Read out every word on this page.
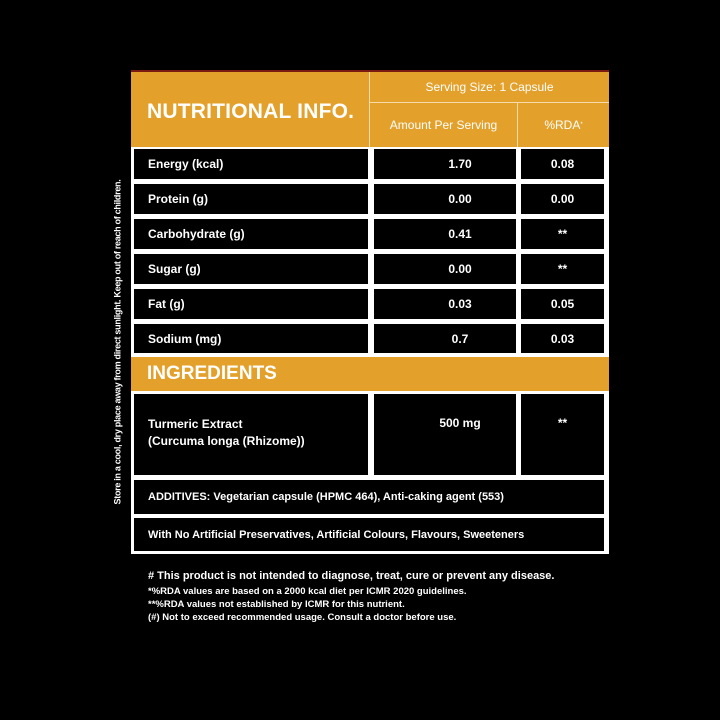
Store in a cool, dry place away from direct sunlight. Keep out of reach of children.
NUTRITIONAL INFO.
Serving Size: 1 Capsule
Amount Per Serving	%RDA *
Energy (kcal)	1.70	0.08
Protein (g)	0.00	0.00
Carbohydrate (g)	0.41	**
Sugar (g)	0.00	**
Fat (g)	0.03	0.05
Sodium (mg)	0.7	0.03
INGREDIENTS
Turmeric Extract
(Curcuma longa (Rhizome))
500 mg	**
ADDITIVES: Vegetarian capsule (HPMC 464), Anti-caking agent (553)
With No Artificial Preservatives, Artificial Colours, Flavours, Sweeteners
# This product is not intended to diagnose, treat, cure or prevent any disease.
*%RDA values are based on a 2000 kcal diet per ICMR 2020 guidelines.
**%RDA values not established by ICMR for this nutrient.
(#) Not to exceed recommended usage. Consult a doctor before use.
